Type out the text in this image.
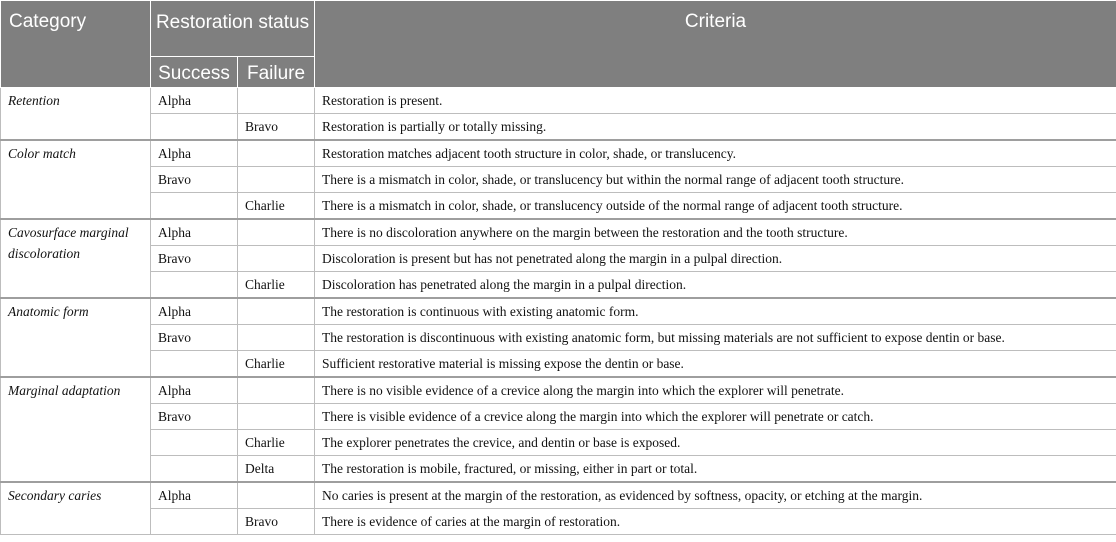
Category	Restoration status		Criteria
	Success	Failure	
Retention	Alpha		Restoration is present.
		Bravo	Restoration is partially or totally missing.
Color match	Alpha		Restoration matches adjacent tooth structure in color, shade, or translucency.
	Bravo		There is a mismatch in color, shade, or translucency but within the normal range of adjacent tooth structure.
		Charlie	There is a mismatch in color, shade, or translucency outside of the normal range of adjacent tooth structure.
Cavosurface marginal discoloration	Alpha		There is no discoloration anywhere on the margin between the restoration and the tooth structure.
	Bravo		Discoloration is present but has not penetrated along the margin in a pulpal direction.
		Charlie	Discoloration has penetrated along the margin in a pulpal direction.
Anatomic form	Alpha		The restoration is continuous with existing anatomic form.
	Bravo		The restoration is discontinuous with existing anatomic form, but missing materials are not sufficient to expose dentin or base.
		Charlie	Sufficient restorative material is missing expose the dentin or base.
Marginal adaptation	Alpha		There is no visible evidence of a crevice along the margin into which the explorer will penetrate.
	Bravo		There is visible evidence of a crevice along the margin into which the explorer will penetrate or catch.
		Charlie	The explorer penetrates the crevice, and dentin or base is exposed.
		Delta	The restoration is mobile, fractured, or missing, either in part or total.
Secondary caries	Alpha		No caries is present at the margin of the restoration, as evidenced by softness, opacity, or etching at the margin.
		Bravo	There is evidence of caries at the margin of restoration.
